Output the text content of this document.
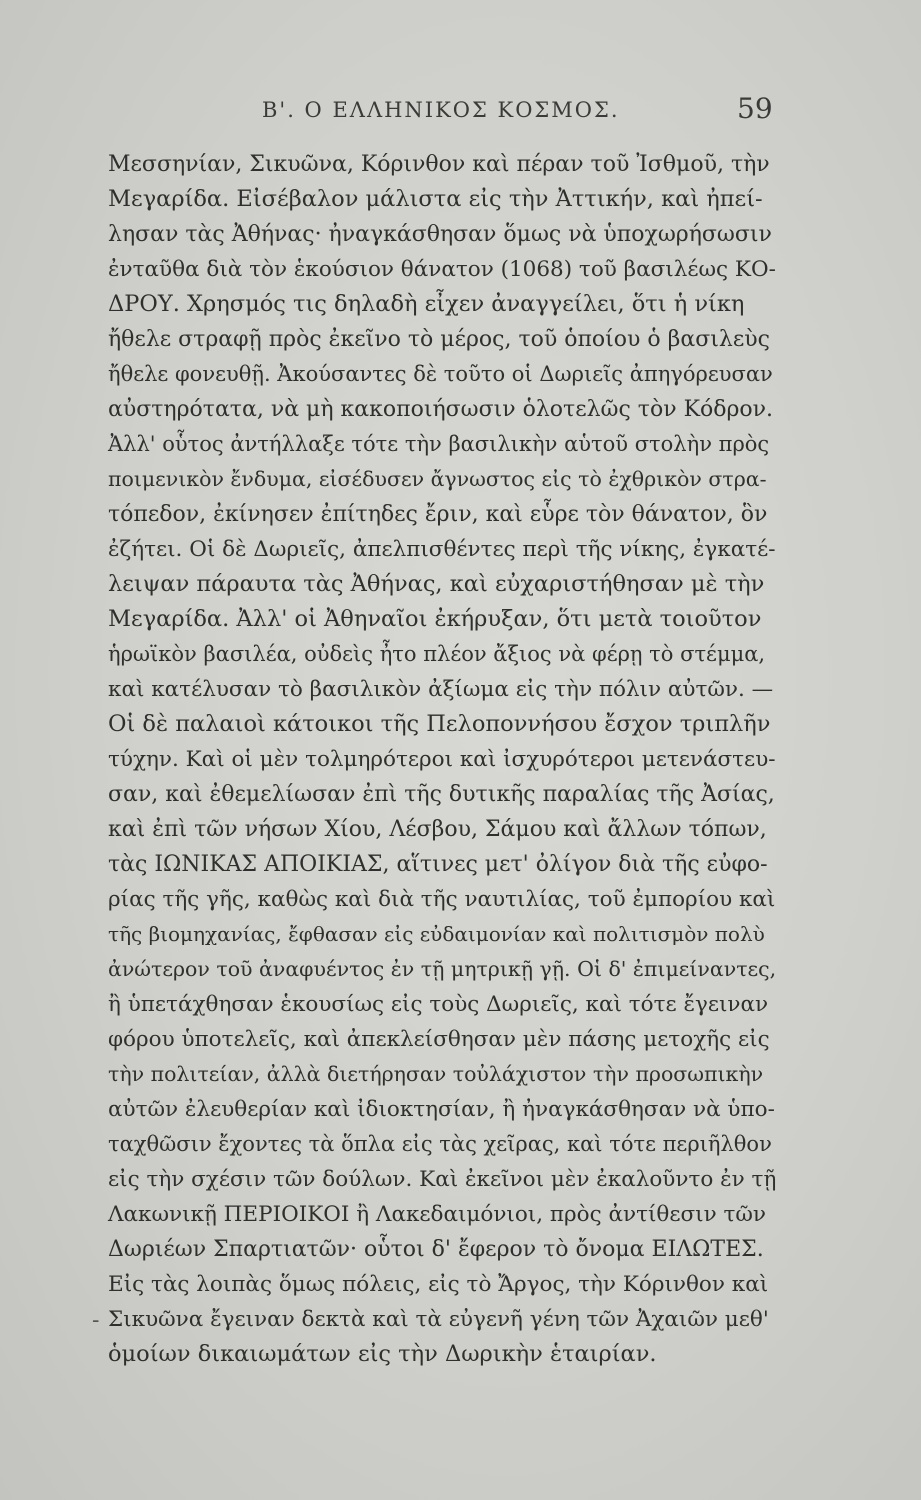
Β'. Ο ΕΛΛΗΝΙΚΟΣ ΚΟΣΜΟΣ.	59
Μεσσηνίαν, Σικυῶνα, Κόρινθον καὶ πέραν τοῦ Ἰσθμοῦ, τὴν
Μεγαρίδα. Εἰσέβαλον μάλιστα εἰς τὴν Ἀττικήν, καὶ ἠπεί-
λησαν τὰς Ἀθήνας· ἠναγκάσθησαν ὅμως νὰ ὑποχωρήσωσιν
ἐνταῦθα διὰ τὸν ἑκούσιον θάνατον (1068) τοῦ βασιλέως ΚΟ-
ΔΡΟΥ. Χρησμός τις δηλαδὴ εἶχεν ἀναγγείλει, ὅτι ἡ νίκη
ἤθελε στραφῇ πρὸς ἐκεῖνο τὸ μέρος, τοῦ ὁποίου ὁ βασιλεὺς
ἤθελε φονευθῇ. Ἀκούσαντες δὲ τοῦτο οἱ Δωριεῖς ἀπηγόρευσαν
αὐστηρότατα, νὰ μὴ κακοποιήσωσιν ὁλοτελῶς τὸν Κόδρον.
Ἀλλ' οὗτος ἀντήλλαξε τότε τὴν βασιλικὴν αὑτοῦ στολὴν πρὸς
ποιμενικὸν ἔνδυμα, εἰσέδυσεν ἄγνωστος εἰς τὸ ἐχθρικὸν στρα-
τόπεδον, ἐκίνησεν ἐπίτηδες ἔριν, καὶ εὗρε τὸν θάνατον, ὃν
ἐζήτει. Οἱ δὲ Δωριεῖς, ἀπελπισθέντες περὶ τῆς νίκης, ἐγκατέ-
λειψαν πάραυτα τὰς Ἀθήνας, καὶ εὐχαριστήθησαν μὲ τὴν
Μεγαρίδα. Ἀλλ' οἱ Ἀθηναῖοι ἐκήρυξαν, ὅτι μετὰ τοιοῦτον
ἡρωϊκὸν βασιλέα, οὐδεὶς ἦτο πλέον ἄξιος νὰ φέρῃ τὸ στέμμα,
καὶ κατέλυσαν τὸ βασιλικὸν ἀξίωμα εἰς τὴν πόλιν αὐτῶν. —
Οἱ δὲ παλαιοὶ κάτοικοι τῆς Πελοποννήσου ἔσχον τριπλῆν
τύχην. Καὶ οἱ μὲν τολμηρότεροι καὶ ἰσχυρότεροι μετενάστευ-
σαν, καὶ ἐθεμελίωσαν ἐπὶ τῆς δυτικῆς παραλίας τῆς Ἀσίας,
καὶ ἐπὶ τῶν νήσων Χίου, Λέσβου, Σάμου καὶ ἄλλων τόπων,
τὰς ΙΩΝΙΚΑΣ ΑΠΟΙΚΙΑΣ, αἵτινες μετ' ὀλίγον διὰ τῆς εὐφο-
ρίας τῆς γῆς, καθὼς καὶ διὰ τῆς ναυτιλίας, τοῦ ἐμπορίου καὶ
τῆς βιομηχανίας, ἔφθασαν εἰς εὐδαιμονίαν καὶ πολιτισμὸν πολὺ
ἀνώτερον τοῦ ἀναφυέντος ἐν τῇ μητρικῇ γῇ. Οἱ δ' ἐπιμείναντες,
ἢ ὑπετάχθησαν ἑκουσίως εἰς τοὺς Δωριεῖς, καὶ τότε ἔγειναν
φόρου ὑποτελεῖς, καὶ ἀπεκλείσθησαν μὲν πάσης μετοχῆς εἰς
τὴν πολιτείαν, ἀλλὰ διετήρησαν τοὐλάχιστον τὴν προσωπικὴν
αὐτῶν ἐλευθερίαν καὶ ἰδιοκτησίαν, ἢ ἠναγκάσθησαν νὰ ὑπο-
ταχθῶσιν ἔχοντες τὰ ὅπλα εἰς τὰς χεῖρας, καὶ τότε περιῆλθον
εἰς τὴν σχέσιν τῶν δούλων. Καὶ ἐκεῖνοι μὲν ἐκαλοῦντο ἐν τῇ
Λακωνικῇ ΠΕΡΙΟΙΚΟΙ ἢ Λακεδαιμόνιοι, πρὸς ἀντίθεσιν τῶν
Δωριέων Σπαρτιατῶν· οὗτοι δ' ἔφερον τὸ ὄνομα ΕΙΛΩΤΕΣ.
Εἰς τὰς λοιπὰς ὅμως πόλεις, εἰς τὸ Ἄργος, τὴν Κόρινθον καὶ
Σικυῶνα ἔγειναν δεκτὰ καὶ τὰ εὐγενῆ γένη τῶν Ἀχαιῶν μεθ'
ὁμοίων δικαιωμάτων εἰς τὴν Δωρικὴν ἑταιρίαν.
-
